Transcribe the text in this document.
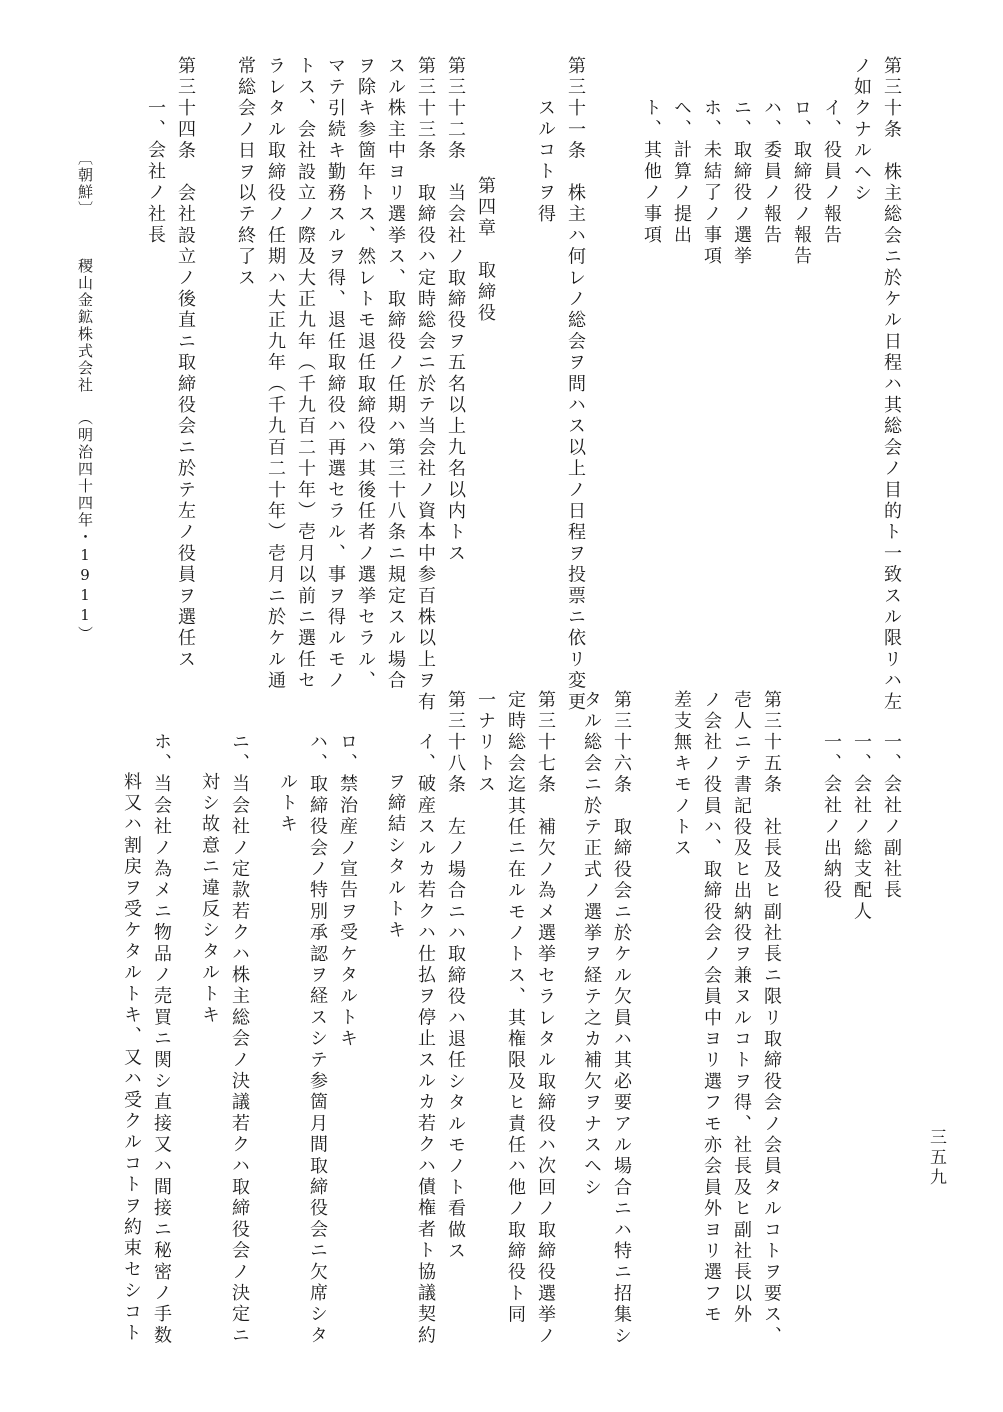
第三十条　株主総会ニ於ケル日程ハ其総会ノ目的ト一致スル限リハ左
ノ如クナルヘシ
イ、役員ノ報告
ロ、取締役ノ報告
ハ、委員ノ報告
ニ、取締役ノ選挙
ホ、未結了ノ事項
ヘ、計算ノ提出
ト、其他ノ事項
第三十一条　株主ハ何レノ総会ヲ問ハス以上ノ日程ヲ投票ニ依リ変更
スルコトヲ得
第四章　取締役
第三十二条　当会社ノ取締役ヲ五名以上九名以内トス
第三十三条　取締役ハ定時総会ニ於テ当会社ノ資本中参百株以上ヲ有
スル株主中ヨリ選挙ス、取締役ノ任期ハ第三十八条ニ規定スル場合
ヲ除キ参箇年トス、然レトモ退任取締役ハ其後任者ノ選挙セラル、
マテ引続キ勤務スルヲ得、退任取締役ハ再選セラル、事ヲ得ルモノ
トス、会社設立ノ際及大正九年（千九百二十年）壱月以前ニ選任セ
ラレタル取締役ノ任期ハ大正九年（千九百二十年）壱月ニ於ケル通
常総会ノ日ヲ以テ終了ス
第三十四条　会社設立ノ後直ニ取締役会ニ於テ左ノ役員ヲ選任ス
一、会社ノ社長
〔朝鮮〕
稷山金鉱株式会社
（明治四十四年・1911）
一、会社ノ副社長
一、会社ノ総支配人
一、会社ノ出納役
第三十五条　社長及ヒ副社長ニ限リ取締役会ノ会員タルコトヲ要ス、
壱人ニテ書記役及ヒ出納役ヲ兼ヌルコトヲ得、社長及ヒ副社長以外
ノ会社ノ役員ハ、取締役会ノ会員中ヨリ選フモ亦会員外ヨリ選フモ
差支無キモノトス
第三十六条　取締役会ニ於ケル欠員ハ其必要アル場合ニハ特ニ招集シ
タル総会ニ於テ正式ノ選挙ヲ経テ之カ補欠ヲナスヘシ
第三十七条　補欠ノ為メ選挙セラレタル取締役ハ次回ノ取締役選挙ノ
定時総会迄其任ニ在ルモノトス、其権限及ヒ責任ハ他ノ取締役ト同
一ナリトス
第三十八条　左ノ場合ニハ取締役ハ退任シタルモノト看做ス
イ、破産スルカ若クハ仕払ヲ停止スルカ若クハ債権者ト協議契約
ヲ締結シタルトキ
ロ、禁治産ノ宣告ヲ受ケタルトキ
ハ、取締役会ノ特別承認ヲ経スシテ参箇月間取締役会ニ欠席シタ
ルトキ
ニ、当会社ノ定款若クハ株主総会ノ決議若クハ取締役会ノ決定ニ
対シ故意ニ違反シタルトキ
ホ、当会社ノ為メニ物品ノ売買ニ関シ直接又ハ間接ニ秘密ノ手数
料又ハ割戻ヲ受ケタルトキ、又ハ受クルコトヲ約束セシコト	三五九
